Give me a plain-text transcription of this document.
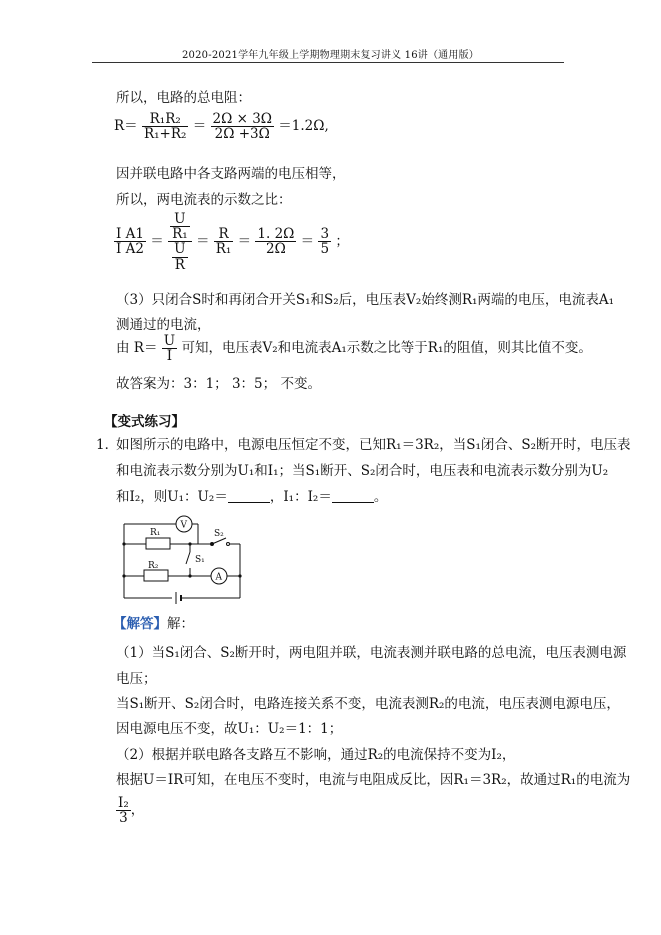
2020-2021学年九年级上学期物理期末复习讲义 16讲（通用版）
所以，电路的总电阻：
$R= \frac{\text{R₁R₂}}{\text{R₁+R₂}} = \frac{2\Omega \times 3\Omega}{2\Omega +3\Omega} =1.2\Omega$,
因并联电路中各支路两端的电压相等，
所以，两电流表的示数之比：
$\frac{\text{I A1}}{\text{I A2}} = \frac{\frac{U}{\text{R₁}}}{\frac{U}{R}} = \frac{R}{\text{R₁}} = \frac{1. 2\Omega}{2\Omega} = \frac{3}{5}$ ；
（3）只闭合S时和再闭合开关S₁和S₂后，电压表V₂始终测R₁两端的电压，电流表A₁
测通过的电流，
由 $R= \frac{U}{I}$ 可知，电压表V₂和电流表A₁示数之比等于R₁的阻值，则其比值不变。
故答案为：3：1； 3：5； 不变。
【变式练习】
1．
如图所示的电路中，电源电压恒定不变，已知R₁＝3R₂，当S₁闭合、S₂断开时，电压表
和电流表示数分别为U₁和I₁；当S₁断开、S₂闭合时，电压表和电流表示数分别为U₂
和I₂，则U₁：U₂＝	，I₁：I₂＝	。
R₁
R₂
S₂
S₁
V
A
【解答】解：
（1）当S₁闭合、S₂断开时，两电阻并联，电流表测并联电路的总电流，电压表测电源
电压；
当S₁断开、S₂闭合时，电路连接关系不变，电流表测R₂的电流，电压表测电源电压，
因电源电压不变，故U₁：U₂＝1：1；
（2）根据并联电路各支路互不影响，通过R₂的电流保持不变为I₂，
根据U＝IR可知，在电压不变时，电流与电阻成反比，因R₁＝3R₂，故通过R₁的电流为
$\frac{\text{I₂}}{3}$ ，
